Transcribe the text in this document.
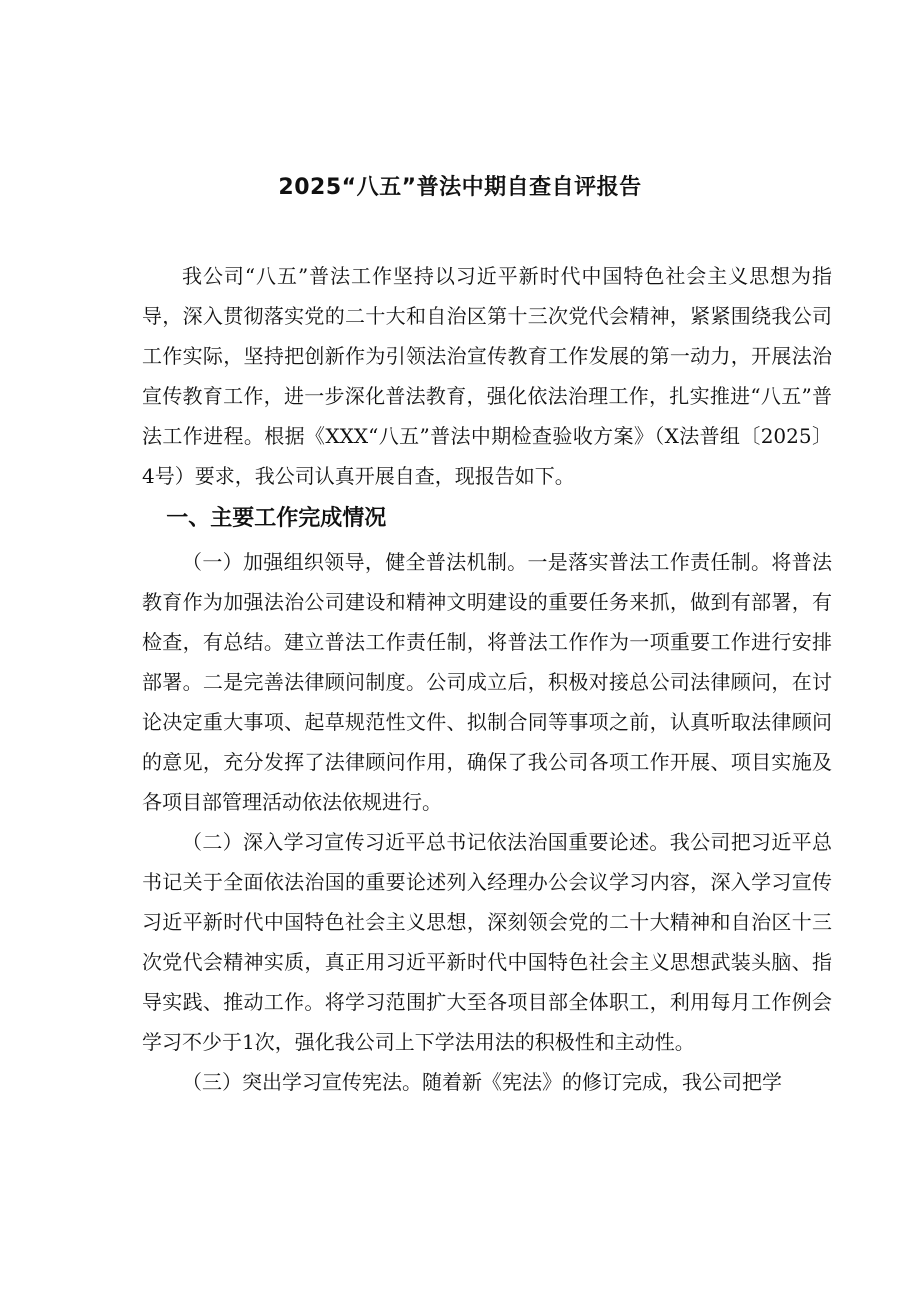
2025“八五”普法中期自查自评报告

我公司“八五”普法工作坚持以习近平新时代中国特色社会主义思想为指导，深入贯彻落实党的二十大和自治区第十三次党代会精神，紧紧围绕我公司工作实际，坚持把创新作为引领法治宣传教育工作发展的第一动力，开展法治宣传教育工作，进一步深化普法教育，强化依法治理工作，扎实推进“八五”普法工作进程。根据《XXX“八五”普法中期检查验收方案》（X法普组〔2025〕4号）要求，我公司认真开展自查，现报告如下。

一、主要工作完成情况

（一）加强组织领导，健全普法机制。一是落实普法工作责任制。将普法教育作为加强法治公司建设和精神文明建设的重要任务来抓，做到有部署，有检查，有总结。建立普法工作责任制，将普法工作作为一项重要工作进行安排部署。二是完善法律顾问制度。公司成立后，积极对接总公司法律顾问，在讨论决定重大事项、起草规范性文件、拟制合同等事项之前，认真听取法律顾问的意见，充分发挥了法律顾问作用，确保了我公司各项工作开展、项目实施及各项目部管理活动依法依规进行。

（二）深入学习宣传习近平总书记依法治国重要论述。我公司把习近平总书记关于全面依法治国的重要论述列入经理办公会议学习内容，深入学习宣传习近平新时代中国特色社会主义思想，深刻领会党的二十大精神和自治区十三次党代会精神实质，真正用习近平新时代中国特色社会主义思想武装头脑、指导实践、推动工作。将学习范围扩大至各项目部全体职工，利用每月工作例会学习不少于1次，强化我公司上下学法用法的积极性和主动性。

（三）突出学习宣传宪法。随着新《宪法》的修订完成，我公司把学
